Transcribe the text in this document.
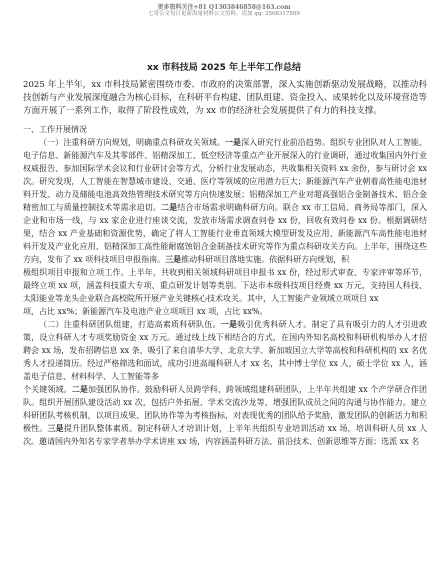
更多资料关注+81 Q1303846858@163.com
七哥公文每日更新海量材料公文资料，请加 qq: 2568317509
xx 市科技局 2025 年上半年工作总结

2025 年上半年，xx 市科技局紧密围绕市委、市政府的决策部署，深入实施创新驱动发展战略，以推动科技创新与产业发展深度融合为核心目标，在科研平台构建、团队组建、资金投入、成果转化以及环境营造等方面开展了一系列工作，取得了阶段性成效，为 xx 市的经济社会发展提供了有力的科技支撑。

一、工作开展情况

（一）注重科研方向规划，明确重点科研攻关领域。一是深入研究行业前沿趋势。组织专业团队对人工智能、电子信息、新能源汽车及其零部件、铝精深加工、低空经济等重点产业开展深入的行业调研，通过收集国内外行业权威报告、参加国际学术会议和行业研讨会等方式，分析行业发展动态，共收集相关资料 xx 余份，参与研讨会 xx 次。研究发现，人工智能在智慧城市建设、交通、医疗等领域的应用潜力巨大；新能源汽车产业朝着高性能电池材料开发、动力及储能电池高效热管理技术研究等方向快速发展；铝精深加工产业对超高强铝合金制备技术、铝合金精密加工与质量控制技术等需求迫切。二是结合市场需求明确科研方向。联合 xx 市工信局、商务局等部门，深入企业和市场一线，与 xx 家企业进行座谈交流，发放市场需求调查问卷 xx 份，回收有效问卷 xx 份。根据调研结果，结合 xx 产业基础和资源优势，确定了将人工智能行业垂直领域大模型研发及应用、新能源汽车高性能电池材料开发及产业化应用、铝精深加工高性能耐腐蚀铝合金制备技术研究等作为重点科研攻关方向。上半年，围绕这些方向，发布了 xx 项科技项目申报指南。三是推动科研项目落地实施。依据科研方向规划，积

极组织项目申报和立项工作。上半年，共收到相关领域科研项目申报书 xx 份，经过形式审查、专家评审等环节，最终立项 xx 项，涵盖科技重大专项、重点研发计划等类别。下达市本级科技项目经费 xx 万元，支持国人科技、太阳能业等龙头企业联合高校院所开展产业关键核心技术攻关。其中，人工智能产业领域立项项目 xx

项，占比 xx%；新能源汽车及电池产业立项项目 xx 项，占比 xx%。

（二）注重科研团队组建，打造高素质科研队伍。一是吸引优秀科研人才。制定了具有吸引力的人才引进政策，设立科研人才专项奖励资金 xx 万元。通过线上线下相结合的方式，在国内外知名高校和科研机构举办人才招聘会 xx 场，发布招聘信息 xx 条，吸引了来自清华大学、北京大学、新加坡国立大学等高校和科研机构的 xx 名优秀人才投递简历。经过严格筛选和面试，成功引进高端科研人才 xx 名，其中博士学位 xx 人，硕士学位 xx 人，涵盖电子信息、材料科学、人工智能等多

个关键领域。二是加强团队协作。鼓励科研人员跨学科、跨领域组建科研团队，上半年共组建 xx 个产学研合作团队。组织开展团队建设活动 xx 次，包括户外拓展、学术交流沙龙等，增强团队成员之间的沟通与协作能力。建立科研团队考核机制，以项目成果、团队协作等为考核指标，对表现优秀的团队给予奖励，激发团队的创新活力和积极性。三是提升团队整体素质。制定科研人才培训计划，上半年共组织专业培训活动 xx 场，培训科研人员 xx 人次。邀请国内外知名专家学者举办学术讲座 xx 场，内容涵盖科研方法、前沿技术、创新思维等方面；选派 xx 名
